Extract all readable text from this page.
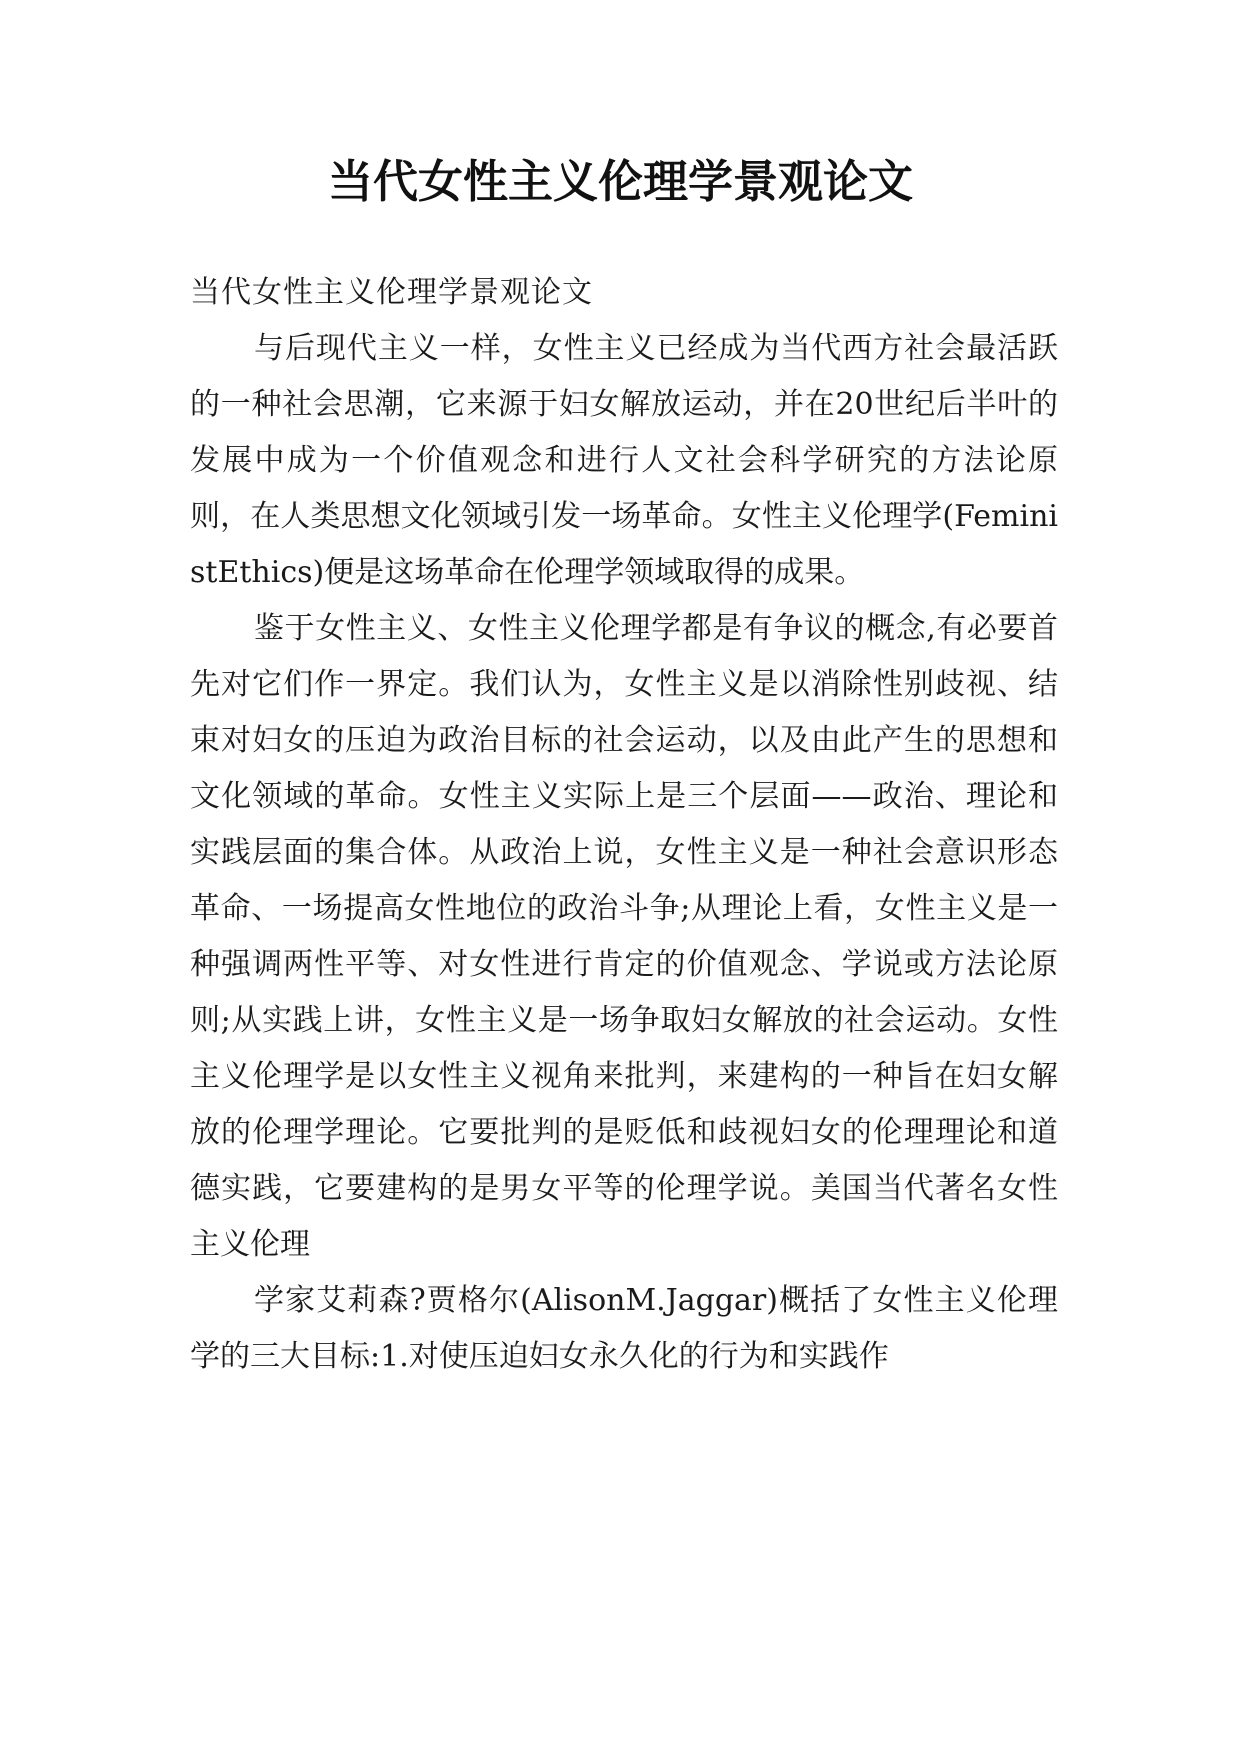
当代女性主义伦理学景观论文

当代女性主义伦理学景观论文

与后现代主义一样，女性主义已经成为当代西方社会最活跃的一种社会思潮，它来源于妇女解放运动，并在20世纪后半叶的发展中成为一个价值观念和进行人文社会科学研究的方法论原则，在人类思想文化领域引发一场革命。女性主义伦理学(FeministEthics)便是这场革命在伦理学领域取得的成果。

鉴于女性主义、女性主义伦理学都是有争议的概念,有必要首先对它们作一界定。我们认为，女性主义是以消除性别歧视、结束对妇女的压迫为政治目标的社会运动，以及由此产生的思想和文化领域的革命。女性主义实际上是三个层面——政治、理论和实践层面的集合体。从政治上说，女性主义是一种社会意识形态革命、一场提高女性地位的政治斗争;从理论上看，女性主义是一种强调两性平等、对女性进行肯定的价值观念、学说或方法论原则;从实践上讲，女性主义是一场争取妇女解放的社会运动。女性主义伦理学是以女性主义视角来批判，来建构的一种旨在妇女解放的伦理学理论。它要批判的是贬低和歧视妇女的伦理理论和道德实践，它要建构的是男女平等的伦理学说。美国当代著名女性主义伦理

学家艾莉森?贾格尔(AlisonM.Jaggar)概括了女性主义伦理学的三大目标:1.对使压迫妇女永久化的行为和实践作
